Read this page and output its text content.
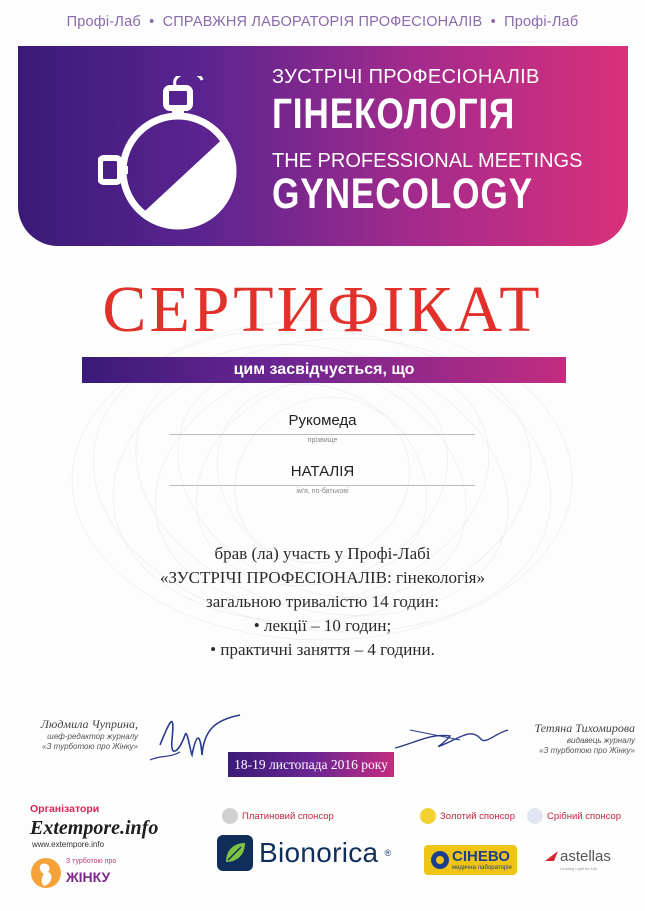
Профі-Лаб • СПРАВЖНЯ ЛАБОРАТОРІЯ ПРОФЕСІОНАЛІВ • Профі-Лаб
ЗУСТРІЧІ ПРОФЕСІОНАЛІВ
ГІНЕКОЛОГІЯ
THE PROFESSIONAL MEETINGS
GYNECOLOGY
СЕРТИФІКАТ
цим засвідчується, що
Рукомеда
прізвище
НАТАЛІЯ
ім'я, по-батькові
брав (ла) участь у Профі-Лабі
«ЗУСТРІЧІ ПРОФЕСІОНАЛІВ: гінекологія»
загальною тривалістю 14 годин:
• лекції – 10 годин;
• практичні заняття – 4 години.
Людмила Чуприна,
шеф-редактор журналу
«З турботою про Жінку»
Тетяна Тихомирова
видавець журналу
«З турботою про Жінку»
18-19 листопада 2016 року
Організатори
Extempore.info
www.extempore.info
З турботою про
ЖІНКУ
Платиновий спонсор	Золотий спонсор	Срібний спонсор
Bionorica ®	СІНЕВО
медична лабораторія
astellas
Leading Light for Life
